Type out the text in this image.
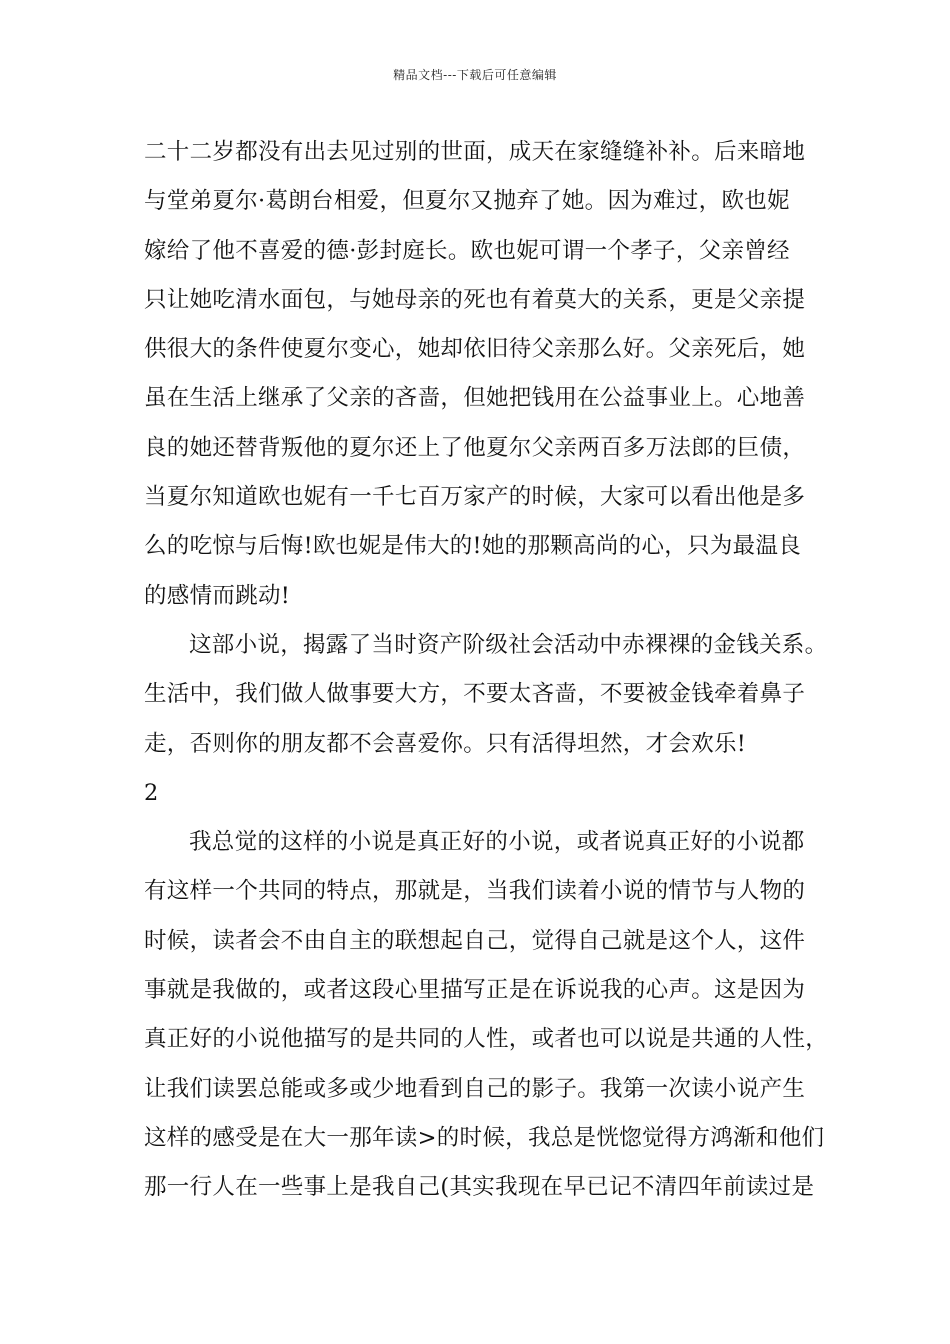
精品文档---下载后可任意编辑
二十二岁都没有出去见过别的世面，成天在家缝缝补补。后来暗地
与堂弟夏尔·葛朗台相爱，但夏尔又抛弃了她。因为难过，欧也妮
嫁给了他不喜爱的德·彭封庭长。欧也妮可谓一个孝子，父亲曾经
只让她吃清水面包，与她母亲的死也有着莫大的关系，更是父亲提
供很大的条件使夏尔变心，她却依旧待父亲那么好。父亲死后，她
虽在生活上继承了父亲的吝啬，但她把钱用在公益事业上。心地善
良的她还替背叛他的夏尔还上了他夏尔父亲两百多万法郎的巨债，
当夏尔知道欧也妮有一千七百万家产的时候，大家可以看出他是多
么的吃惊与后悔!欧也妮是伟大的!她的那颗高尚的心，只为最温良
的感情而跳动!
这部小说，揭露了当时资产阶级社会活动中赤裸裸的金钱关系。
生活中，我们做人做事要大方，不要太吝啬，不要被金钱牵着鼻子
走，否则你的朋友都不会喜爱你。只有活得坦然，才会欢乐!
2
我总觉的这样的小说是真正好的小说，或者说真正好的小说都
有这样一个共同的特点，那就是，当我们读着小说的情节与人物的
时候，读者会不由自主的联想起自己，觉得自己就是这个人，这件
事就是我做的，或者这段心里描写正是在诉说我的心声。这是因为
真正好的小说他描写的是共同的人性，或者也可以说是共通的人性，
让我们读罢总能或多或少地看到自己的影子。我第一次读小说产生
这样的感受是在大一那年读>的时候，我总是恍惚觉得方鸿渐和他们
那一行人在一些事上是我自己(其实我现在早已记不清四年前读过是
